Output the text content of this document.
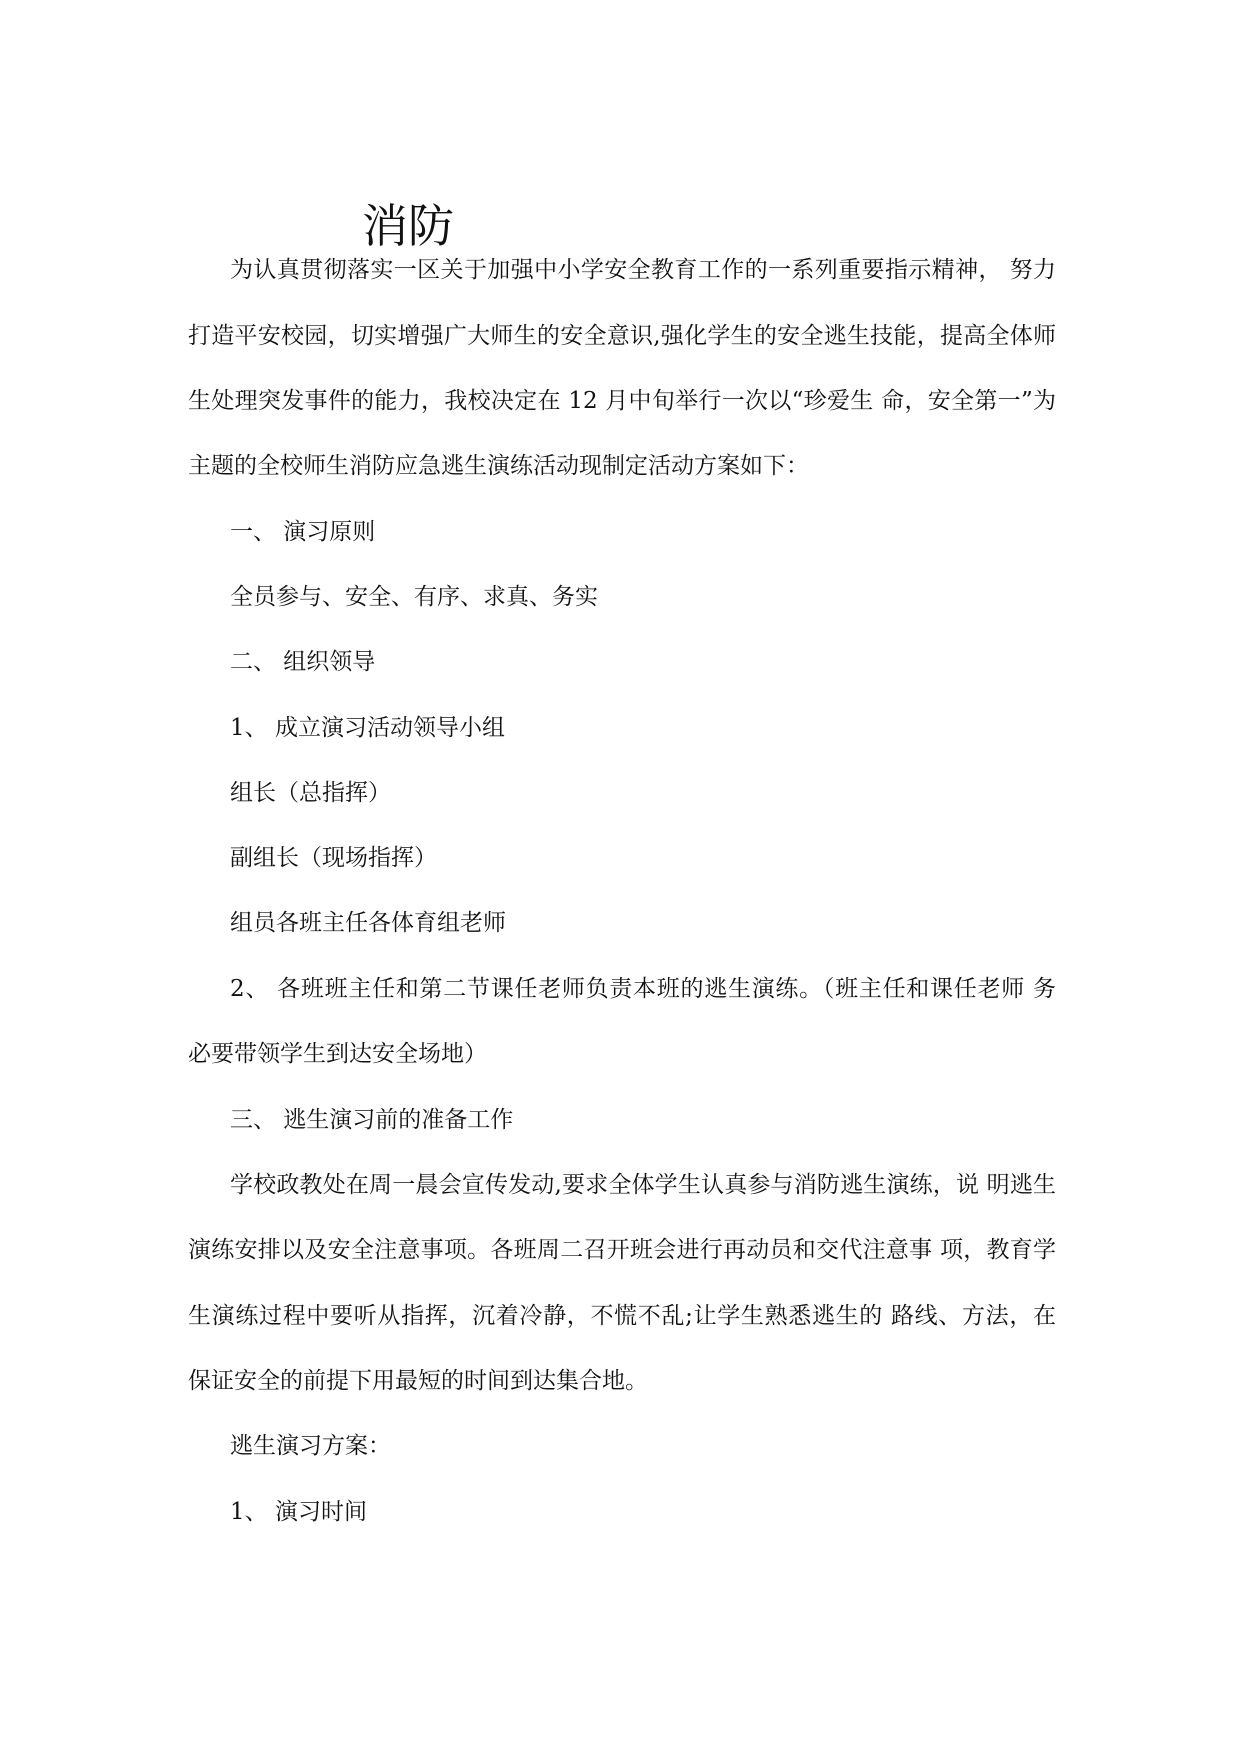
消防

为认真贯彻落实一区关于加强中小学安全教育工作的一系列重要指示精神， 努力

打造平安校园，切实增强广大师生的安全意识,强化学生的安全逃生技能，提高全体师

生处理突发事件的能力，我校决定在 12 月中旬举行一次以“珍爱生 命，安全第一”为

主题的全校师生消防应急逃生演练活动现制定活动方案如下：

一、 演习原则

全员参与、安全、有序、求真、务实

二、 组织领导

1、 成立演习活动领导小组

组长（总指挥）

副组长（现场指挥）

组员各班主任各体育组老师

2、 各班班主任和第二节课任老师负责本班的逃生演练。（班主任和课任老师 务

必要带领学生到达安全场地）

三、 逃生演习前的准备工作

学校政教处在周一晨会宣传发动,要求全体学生认真参与消防逃生演练，说 明逃生

演练安排以及安全注意事项。各班周二召开班会进行再动员和交代注意事 项，教育学

生演练过程中要听从指挥，沉着冷静，不慌不乱;让学生熟悉逃生的 路线、方法，在

保证安全的前提下用最短的时间到达集合地。

逃生演习方案：

1、 演习时间
